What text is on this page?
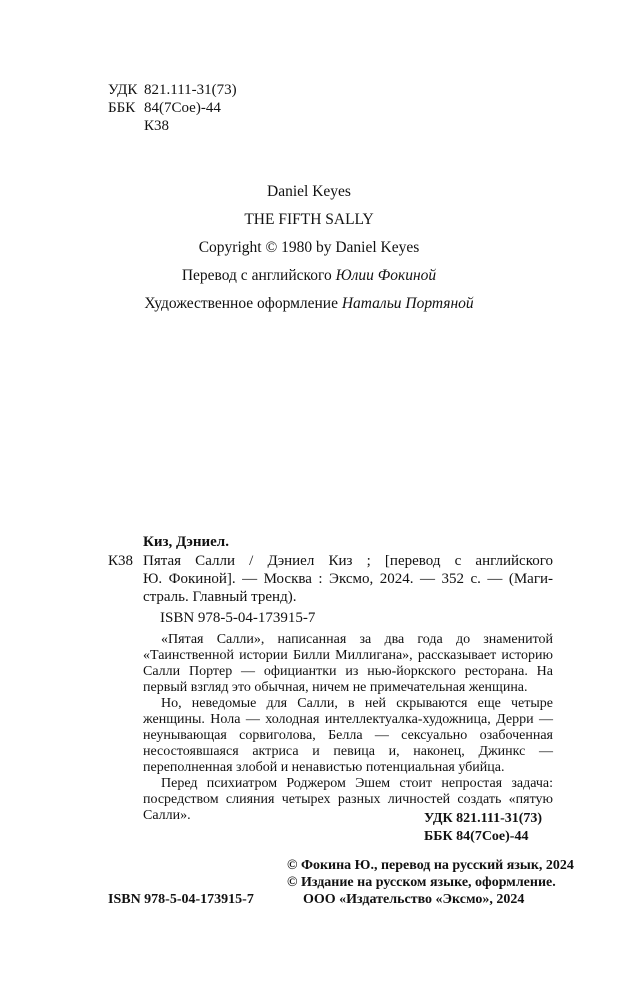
УДК 821.111-31(73)
ББК 84(7Сое)-44
К38
Daniel Keyes
THE FIFTH SALLY
Copyright © 1980 by Daniel Keyes
Перевод с английского Юлии Фокиной
Художественное оформление Натальи Портяной
Киз, Дэниел.
К38 Пятая Салли / Дэниел Киз ; [перевод с английского
Ю. Фокиной]. — Москва : Эксмо, 2024. — 352 с. — (Маги-
страль. Главный тренд).
ISBN 978-5-04-173915-7

«Пятая Салли», написанная за два года до знаменитой «Таинственной истории Билли Миллигана», рассказывает историю Салли Портер — официантки из нью-йоркского ресторана. На первый взгляд это обычная, ничем не примечательная женщина.

Но, неведомые для Салли, в ней скрываются еще четыре женщины. Нола — холодная интеллектуалка-художница, Дерри — неунывающая сорвиголова, Белла — сексуально озабоченная несостоявшаяся актриса и певица и, наконец, Джинкс — переполненная злобой и ненавистью потенциальная убийца.

Перед психиатром Роджером Эшем стоит непростая задача: посредством слияния четырех разных личностей создать «пятую Салли».	УДК 821.111-31(73)
ББК 84(7Сое)-44
© Фокина Ю., перевод на русский язык, 2024
© Издание на русском языке, оформление.
ООО «Издательство «Эксмо», 2024
ISBN 978-5-04-173915-7
